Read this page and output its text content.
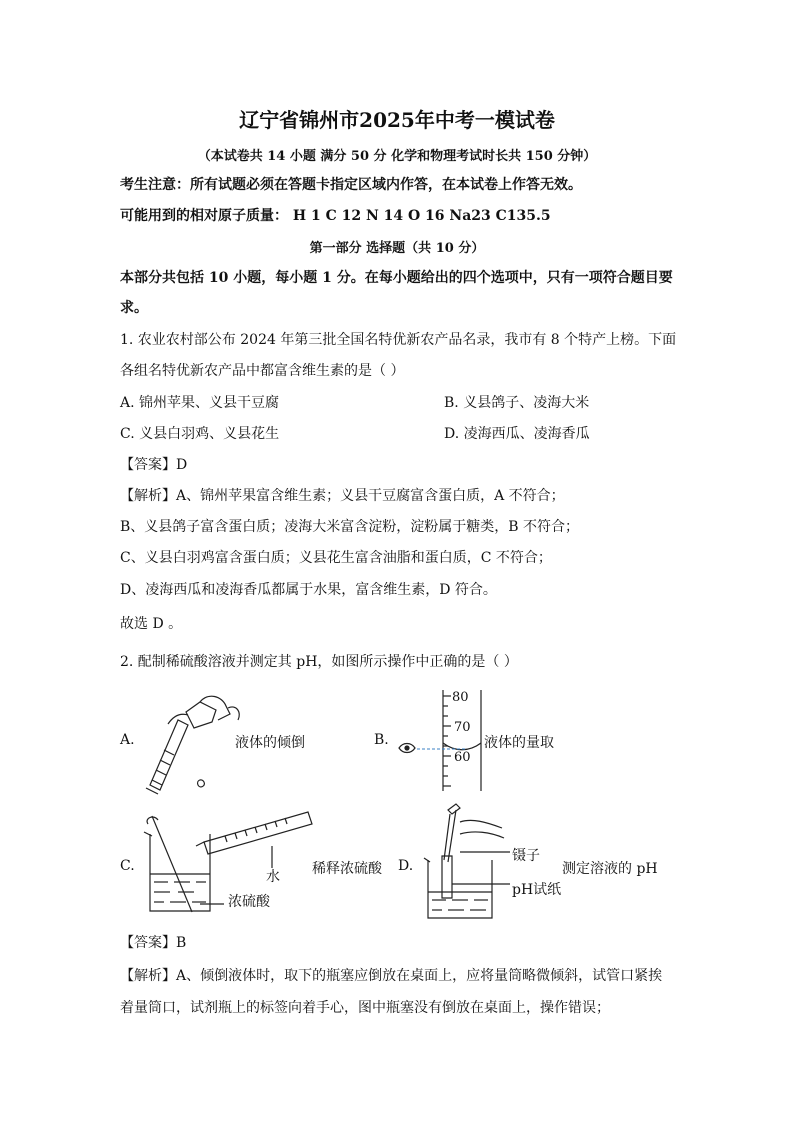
辽宁省锦州市2025年中考一模试卷
（本试卷共 14 小题 满分 50 分 化学和物理考试时长共 150 分钟）
考生注意：所有试题必须在答题卡指定区域内作答，在本试卷上作答无效。
可能用到的相对原子质量： H 1 C 12 N 14 O 16 Na23 C135.5
第一部分 选择题（共 10 分）
本部分共包括 10 小题，每小题 1 分。在每小题给出的四个选项中，只有一项符合题目要
求。
1. 农业农村部公布 2024 年第三批全国名特优新农产品名录，我市有 8 个特产上榜。下面
各组名特优新农产品中都富含维生素的是（ ）
A. 锦州苹果、义县干豆腐	B. 义县鸽子、凌海大米
C. 义县白羽鸡、义县花生	D. 凌海西瓜、凌海香瓜
【答案】D
【解析】A、锦州苹果富含维生素；义县干豆腐富含蛋白质，A 不符合；
B、义县鸽子富含蛋白质；凌海大米富含淀粉，淀粉属于糖类，B 不符合；
C、义县白羽鸡富含蛋白质；义县花生富含油脂和蛋白质，C 不符合；
D、凌海西瓜和凌海香瓜都属于水果，富含维生素，D 符合。
故选 D 。
2. 配制稀硫酸溶液并测定其 pH，如图所示操作中正确的是（ ）
A.	液体的倾倒	B.
80
70
60
液体的量取
C.
水
浓硫酸
稀释浓硫酸 D.
镊子
pH试纸
测定溶液的 pH
【答案】B
【解析】A、倾倒液体时，取下的瓶塞应倒放在桌面上，应将量筒略微倾斜，试管口紧挨
着量筒口，试剂瓶上的标签向着手心，图中瓶塞没有倒放在桌面上，操作错误；
